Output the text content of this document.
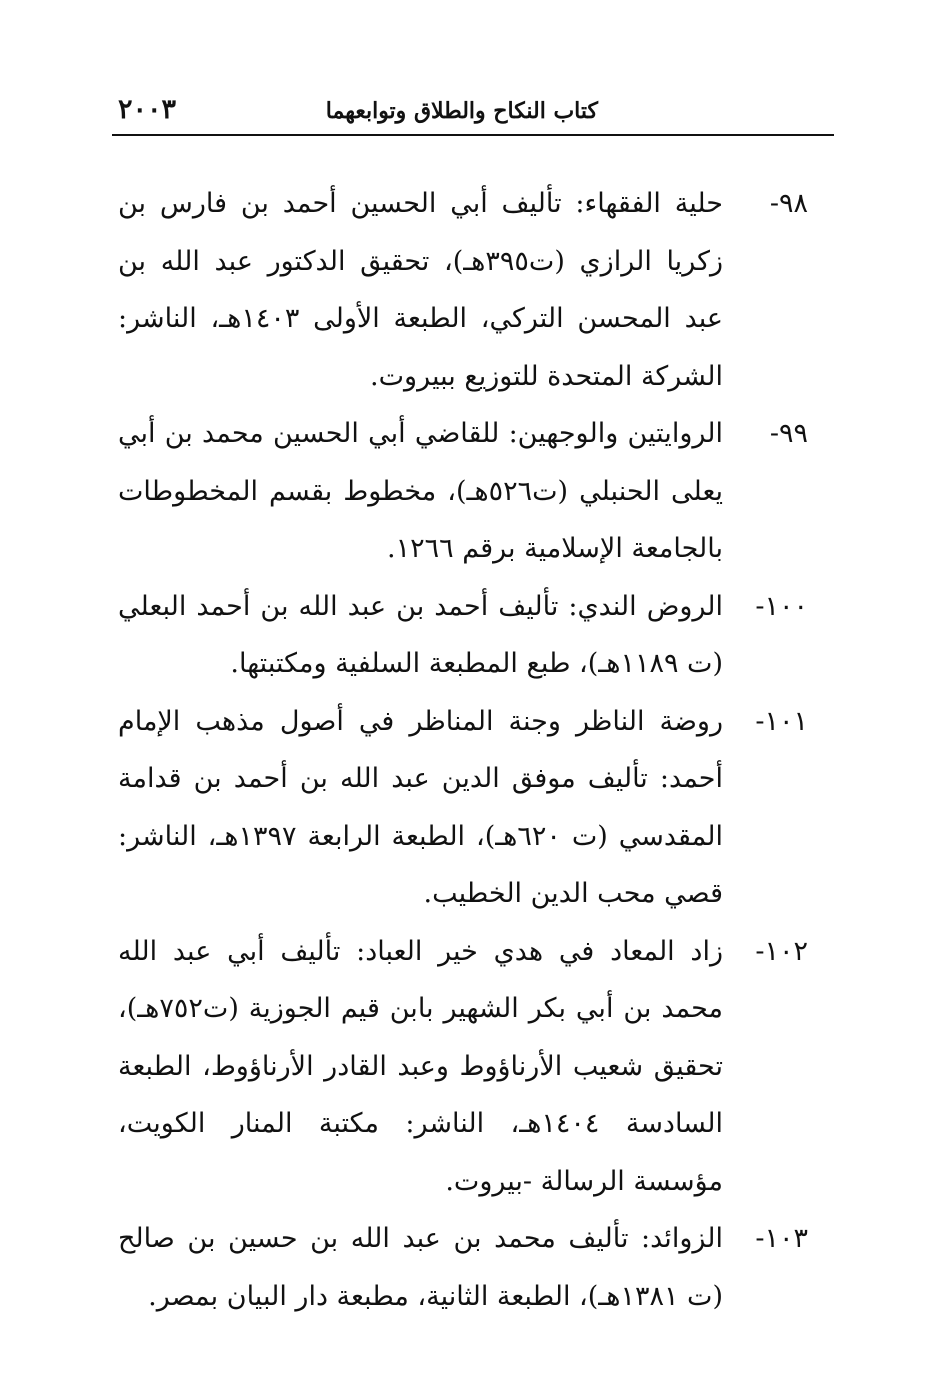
كتاب النكاح والطلاق وتوابعهما
٢٠٠٣
٩٨-
حلية الفقهاء: تأليف أبي الحسين أحمد بن فارس بن زكريا الرازي (ت٣٩٥هـ)، تحقيق الدكتور عبد الله بن عبد المحسن التركي، الطبعة الأولى ١٤٠٣هـ، الناشر: الشركة المتحدة للتوزيع ببيروت.
٩٩-
الروايتين والوجهين: للقاضي أبي الحسين محمد بن أبي يعلى الحنبلي (ت٥٢٦هـ)، مخطوط بقسم المخطوطات بالجامعة الإسلامية برقم ١٢٦٦.
١٠٠-
الروض الندي: تأليف أحمد بن عبد الله بن أحمد البعلي (ت ١١٨٩هـ)، طبع المطبعة السلفية ومكتبتها.
١٠١-
روضة الناظر وجنة المناظر في أصول مذهب الإمام أحمد: تأليف موفق الدين عبد الله بن أحمد بن قدامة المقدسي (ت ٦٢٠هـ)، الطبعة الرابعة ١٣٩٧هـ، الناشر: قصي محب الدين الخطيب.
١٠٢-
زاد المعاد في هدي خير العباد: تأليف أبي عبد الله محمد بن أبي بكر الشهير بابن قيم الجوزية (ت٧٥٢هـ)، تحقيق شعيب الأرناؤوط وعبد القادر الأرناؤوط، الطبعة السادسة ١٤٠٤هـ، الناشر: مكتبة المنار الكويت، مؤسسة الرسالة -بيروت.
١٠٣-
الزوائد: تأليف محمد بن عبد الله بن حسين بن صالح (ت ١٣٨١هـ)، الطبعة الثانية، مطبعة دار البيان بمصر.
